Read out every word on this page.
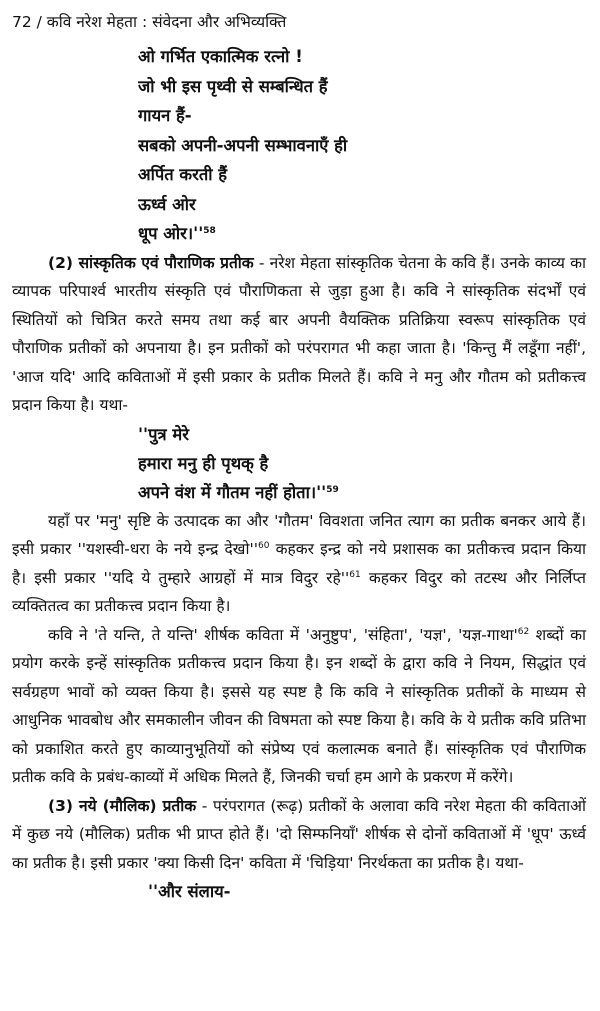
72 / कवि नरेश मेहता : संवेदना और अभिव्यक्ति
ओ गर्भित एकात्मिक रत्नो !
जो भी इस पृथ्वी से सम्बन्धित हैं
गायन हैं-
सबको अपनी-अपनी सम्भावनाएँ ही
अर्पित करती हैं
ऊर्ध्व ओर
धूप $ओर।''^{58}$

(2) सांस्कृतिक एवं पौराणिक प्रतीक - नरेश मेहता सांस्कृतिक चेतना के कवि हैं। उनके काव्य का व्यापक परिपार्श्व भारतीय संस्कृति एवं पौराणिकता से जुड़ा हुआ है। कवि ने सांस्कृतिक संदर्भों एवं स्थितियों को चित्रित करते समय तथा कई बार अपनी वैयक्तिक प्रतिक्रिया स्वरूप सांस्कृतिक एवं पौराणिक प्रतीकों को अपनाया है। इन प्रतीकों को परंपरागत भी कहा जाता है। 'किन्तु मैं लडूँगा नहीं', 'आज यदि' आदि कविताओं में इसी प्रकार के प्रतीक मिलते हैं। कवि ने मनु और गौतम को प्रतीकत्त्व प्रदान किया है। यथा-

''पुत्र मेरे
हमारा मनु ही पृथक् है
अपने वंश में गौतम नहीं $होता।''^{59}$

यहाँ पर 'मनु' सृष्टि के उत्पादक का और 'गौतम' विवशता जनित त्याग का प्रतीक बनकर आये हैं। इसी प्रकार ''यशस्वी-धरा के नये इन्द्र $देखो''^{60}$ कहकर इन्द्र को नये प्रशासक का प्रतीकत्त्व प्रदान किया है। इसी प्रकार ''यदि ये तुम्हारे आग्रहों में मात्र विदुर $रहे''^{61}$ कहकर विदुर को तटस्थ और निर्लिप्त व्यक्तितत्व का प्रतीकत्त्व प्रदान किया है।

कवि ने 'ते यन्ति, ते यन्ति' शीर्षक कविता में 'अनुष्टुप', 'संहिता', 'यज्ञ', '$यज्ञ-गाथा'^{62}$ शब्दों का प्रयोग करके इन्हें सांस्कृतिक प्रतीकत्त्व प्रदान किया है। इन शब्दों के द्वारा कवि ने नियम, सिद्धांत एवं सर्वग्रहण भावों को व्यक्त किया है। इससे यह स्पष्ट है कि कवि ने सांस्कृतिक प्रतीकों के माध्यम से आधुनिक भावबोध और समकालीन जीवन की विषमता को स्पष्ट किया है। कवि के ये प्रतीक कवि प्रतिभा को प्रकाशित करते हुए काव्यानुभूतियों को संप्रेष्य एवं कलात्मक बनाते हैं। सांस्कृतिक एवं पौराणिक प्रतीक कवि के प्रबंध-काव्यों में अधिक मिलते हैं, जिनकी चर्चा हम आगे के प्रकरण में करेंगे।

(3) नये (मौलिक) प्रतीक - परंपरागत (रूढ़) प्रतीकों के अलावा कवि नरेश मेहता की कविताओं में कुछ नये (मौलिक) प्रतीक भी प्राप्त होते हैं। 'दो सिम्फनियाँ' शीर्षक से दोनों कविताओं में 'धूप' ऊर्ध्व का प्रतीक है। इसी प्रकार 'क्या किसी दिन' कविता में 'चिड़िया' निरर्थकता का प्रतीक है। यथा-

''और संलाय-
